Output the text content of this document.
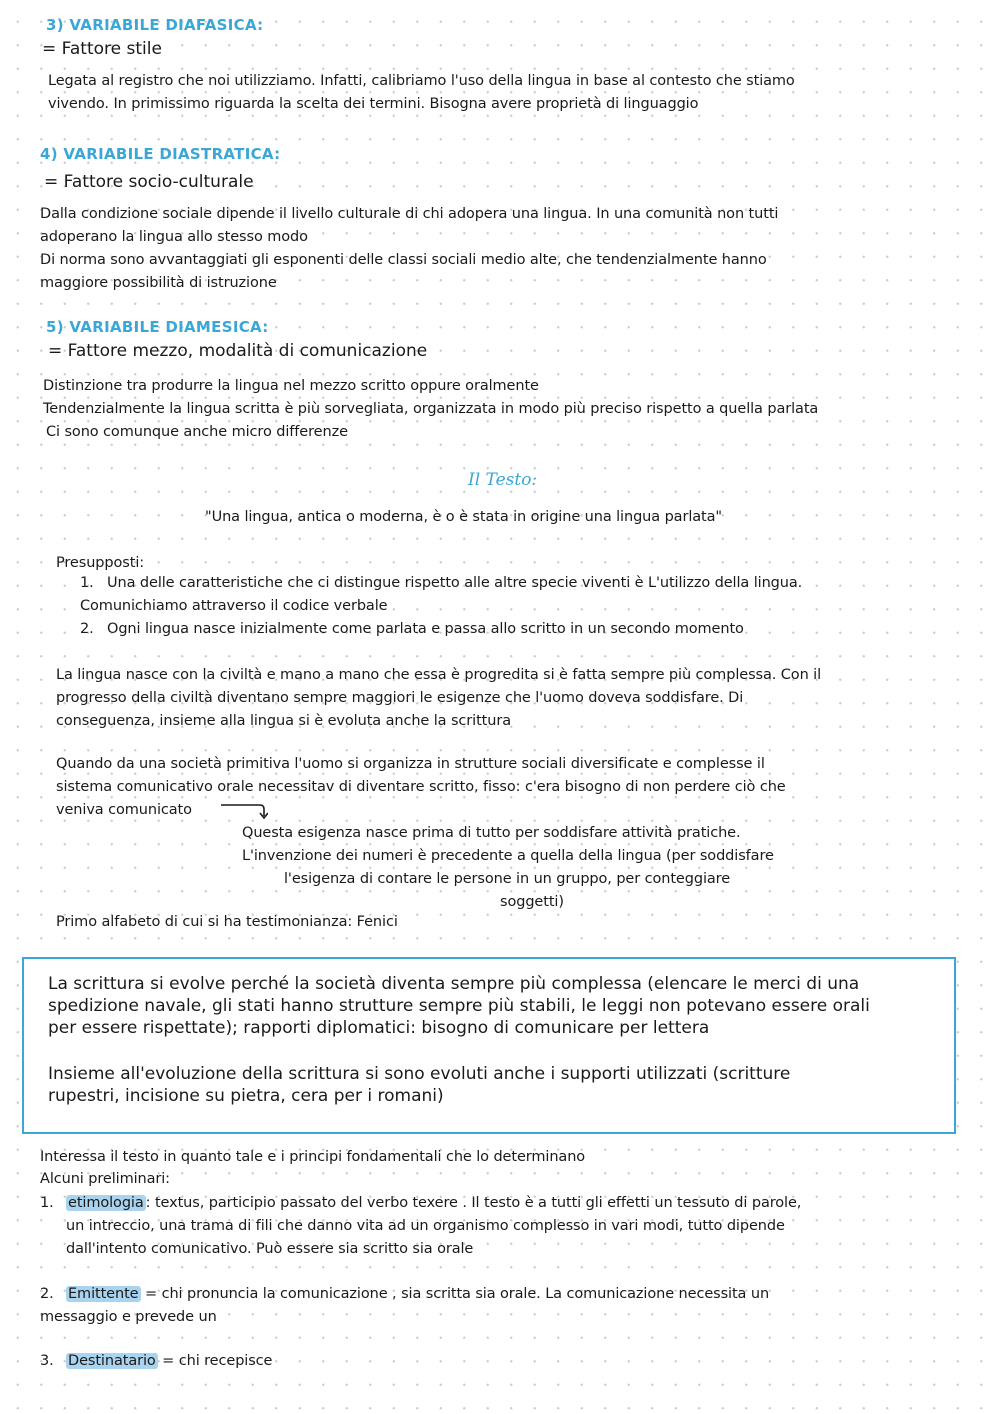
3) VARIABILE DIAFASICA:
= Fattore stile
Legata al registro che noi utilizziamo. Infatti, calibriamo l'uso della lingua in base al contesto che stiamo
vivendo. In primissimo riguarda la scelta dei termini. Bisogna avere proprietà di linguaggio
4) VARIABILE DIASTRATICA:
= Fattore socio-culturale
Dalla condizione sociale dipende il livello culturale di chi adopera una lingua. In una comunità non tutti
adoperano la lingua allo stesso modo
Di norma sono avvantaggiati gli esponenti delle classi sociali medio alte, che tendenzialmente hanno
maggiore possibilità di istruzione
5) VARIABILE DIAMESICA:
= Fattore mezzo, modalità di comunicazione
Distinzione tra produrre la lingua nel mezzo scritto oppure oralmente
Tendenzialmente la lingua scritta è più sorvegliata, organizzata in modo più preciso rispetto a quella parlata
Ci sono comunque anche micro differenze
Il Testo:
"Una lingua, antica o moderna, è o è stata in origine una lingua parlata"
Presupposti:
1. Una delle caratteristiche che ci distingue rispetto alle altre specie viventi è L'utilizzo della lingua.
Comunichiamo attraverso il codice verbale
2. Ogni lingua nasce inizialmente come parlata e passa allo scritto in un secondo momento
La lingua nasce con la civiltà e mano a mano che essa è progredita si è fatta sempre più complessa. Con il
progresso della civiltà diventano sempre maggiori le esigenze che l'uomo doveva soddisfare. Di
conseguenza, insieme alla lingua si è evoluta anche la scrittura
Quando da una società primitiva l'uomo si organizza in strutture sociali diversificate e complesse il
sistema comunicativo orale necessitav di diventare scritto, fisso: c'era bisogno di non perdere ciò che
veniva comunicato
Questa esigenza nasce prima di tutto per soddisfare attività pratiche.
L'invenzione dei numeri è precedente a quella della lingua (per soddisfare
l'esigenza di contare le persone in un gruppo, per conteggiare
soggetti)
Primo alfabeto di cui si ha testimonianza: Fenici
La scrittura si evolve perché la società diventa sempre più complessa (elencare le merci di una
spedizione navale, gli stati hanno strutture sempre più stabili, le leggi non potevano essere orali
per essere rispettate); rapporti diplomatici: bisogno di comunicare per lettera
Insieme all'evoluzione della scrittura si sono evoluti anche i supporti utilizzati (scritture
rupestri, incisione su pietra, cera per i romani)
Interessa il testo in quanto tale e i principi fondamentali che lo determinano
Alcuni preliminari:
1. etimologia : textus, participio passato del verbo texere . Il testo è a tutti gli effetti un tessuto di parole,
un intreccio, una trama di fili che danno vita ad un organismo complesso in vari modi, tutto dipende
dall'intento comunicativo. Può essere sia scritto sia orale
2. Emittente = chi pronuncia la comunicazione , sia scritta sia orale. La comunicazione necessita un
messaggio e prevede un
3. Destinatario = chi recepisce
